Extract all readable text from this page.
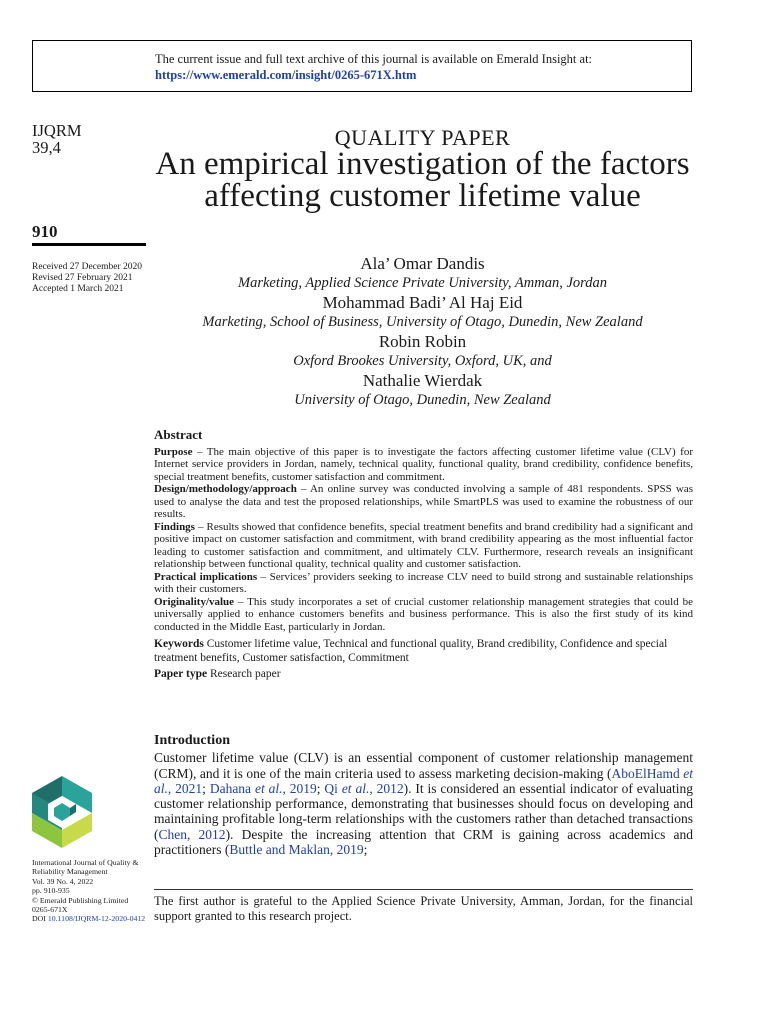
The current issue and full text archive of this journal is available on Emerald Insight at:
https://www.emerald.com/insight/0265-671X.htm
IJQRM
39,4
910
Received 27 December 2020
Revised 27 February 2021
Accepted 1 March 2021
QUALITY PAPER
An empirical investigation of the factors affecting customer lifetime value
Ala’ Omar Dandis
Marketing, Applied Science Private University, Amman, Jordan
Mohammad Badi’ Al Haj Eid
Marketing, School of Business, University of Otago, Dunedin, New Zealand
Robin Robin
Oxford Brookes University, Oxford, UK, and
Nathalie Wierdak
University of Otago, Dunedin, New Zealand
Abstract

Purpose – The main objective of this paper is to investigate the factors affecting customer lifetime value (CLV) for Internet service providers in Jordan, namely, technical quality, functional quality, brand credibility, confidence benefits, special treatment benefits, customer satisfaction and commitment.

Design/methodology/approach – An online survey was conducted involving a sample of 481 respondents. SPSS was used to analyse the data and test the proposed relationships, while SmartPLS was used to examine the robustness of our results.

Findings – Results showed that confidence benefits, special treatment benefits and brand credibility had a significant and positive impact on customer satisfaction and commitment, with brand credibility appearing as the most influential factor leading to customer satisfaction and commitment, and ultimately CLV. Furthermore, research reveals an insignificant relationship between functional quality, technical quality and customer satisfaction.

Practical implications – Services’ providers seeking to increase CLV need to build strong and sustainable relationships with their customers.

Originality/value – This study incorporates a set of crucial customer relationship management strategies that could be universally applied to enhance customers benefits and business performance. This is also the first study of its kind conducted in the Middle East, particularly in Jordan.

Keywords Customer lifetime value, Technical and functional quality, Brand credibility, Confidence and special treatment benefits, Customer satisfaction, Commitment

Paper type Research paper

Introduction

Customer lifetime value (CLV) is an essential component of customer relationship management (CRM), and it is one of the main criteria used to assess marketing decision-making (AboElHamd et al., 2021; Dahana et al., 2019; Qi et al., 2012). It is considered an essential indicator of evaluating customer relationship performance, demonstrating that businesses should focus on developing and maintaining profitable long-term relationships with the customers rather than detached transactions (Chen, 2012). Despite the increasing attention that CRM is gaining across academics and practitioners (Buttle and Maklan, 2019;

International Journal of Quality & Reliability Management
Vol. 39 No. 4, 2022
pp. 910-935
© Emerald Publishing Limited
0265-671X
DOI 10.1108/IJQRM-12-2020-0412
The first author is grateful to the Applied Science Private University, Amman, Jordan, for the financial support granted to this research project.
